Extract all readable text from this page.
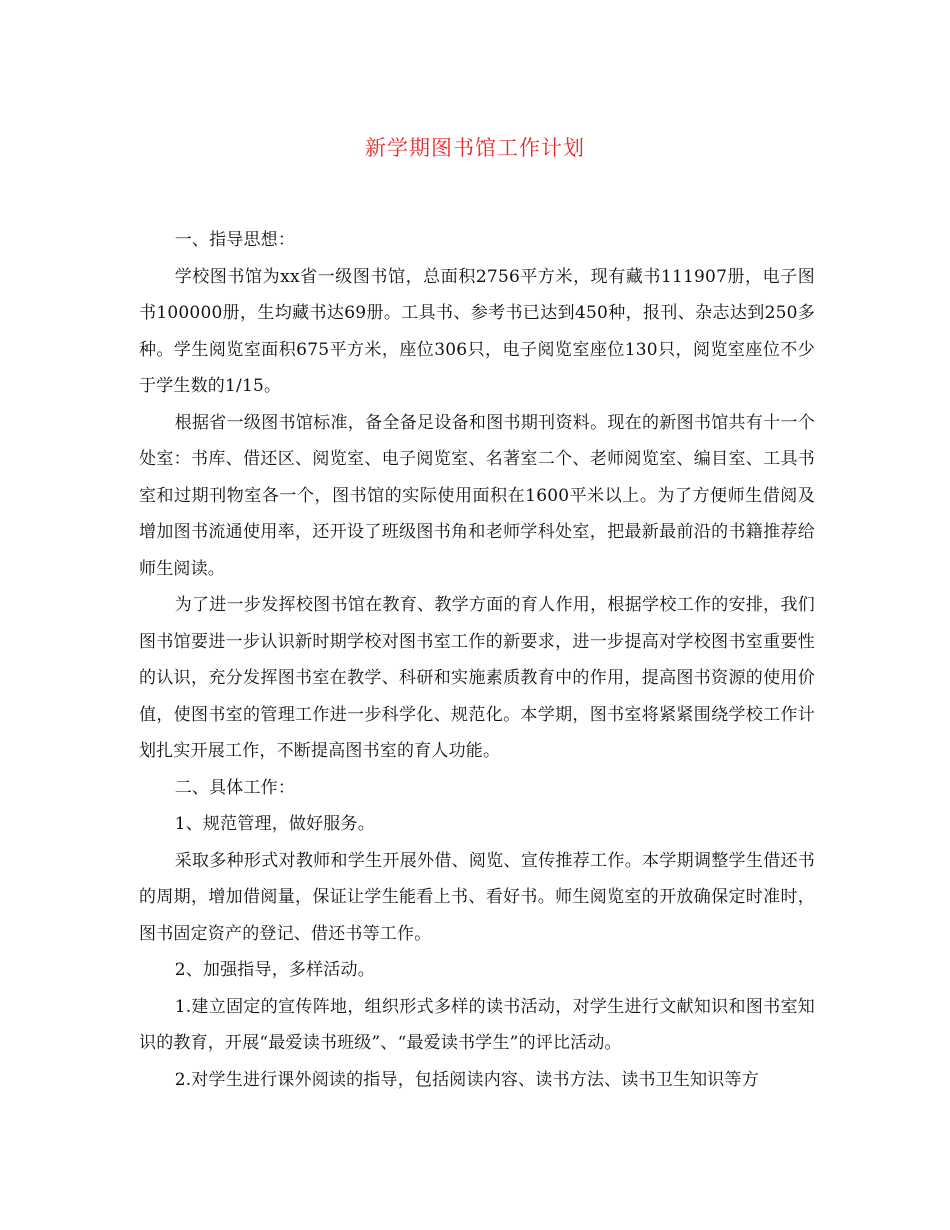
新学期图书馆工作计划

一、指导思想：

学校图书馆为xx省一级图书馆，总面积2756平方米，现有藏书111907册，电子图书100000册，生均藏书达69册。工具书、参考书已达到450种，报刊、杂志达到250多种。学生阅览室面积675平方米，座位306只，电子阅览室座位130只，阅览室座位不少于学生数的1/15。

根据省一级图书馆标准，备全备足设备和图书期刊资料。现在的新图书馆共有十一个处室：书库、借还区、阅览室、电子阅览室、名著室二个、老师阅览室、编目室、工具书室和过期刊物室各一个，图书馆的实际使用面积在1600平米以上。为了方便师生借阅及增加图书流通使用率，还开设了班级图书角和老师学科处室，把最新最前沿的书籍推荐给师生阅读。

为了进一步发挥校图书馆在教育、教学方面的育人作用，根据学校工作的安排，我们图书馆要进一步认识新时期学校对图书室工作的新要求，进一步提高对学校图书室重要性的认识，充分发挥图书室在教学、科研和实施素质教育中的作用，提高图书资源的使用价值，使图书室的管理工作进一步科学化、规范化。本学期，图书室将紧紧围绕学校工作计划扎实开展工作，不断提高图书室的育人功能。

二、具体工作：

1、规范管理，做好服务。

采取多种形式对教师和学生开展外借、阅览、宣传推荐工作。本学期调整学生借还书的周期，增加借阅量，保证让学生能看上书、看好书。师生阅览室的开放确保定时准时，图书固定资产的登记、借还书等工作。

2、加强指导，多样活动。

1.建立固定的宣传阵地，组织形式多样的读书活动，对学生进行文献知识和图书室知识的教育，开展“最爱读书班级”、“最爱读书学生”的评比活动。

2.对学生进行课外阅读的指导，包括阅读内容、读书方法、读书卫生知识等方
